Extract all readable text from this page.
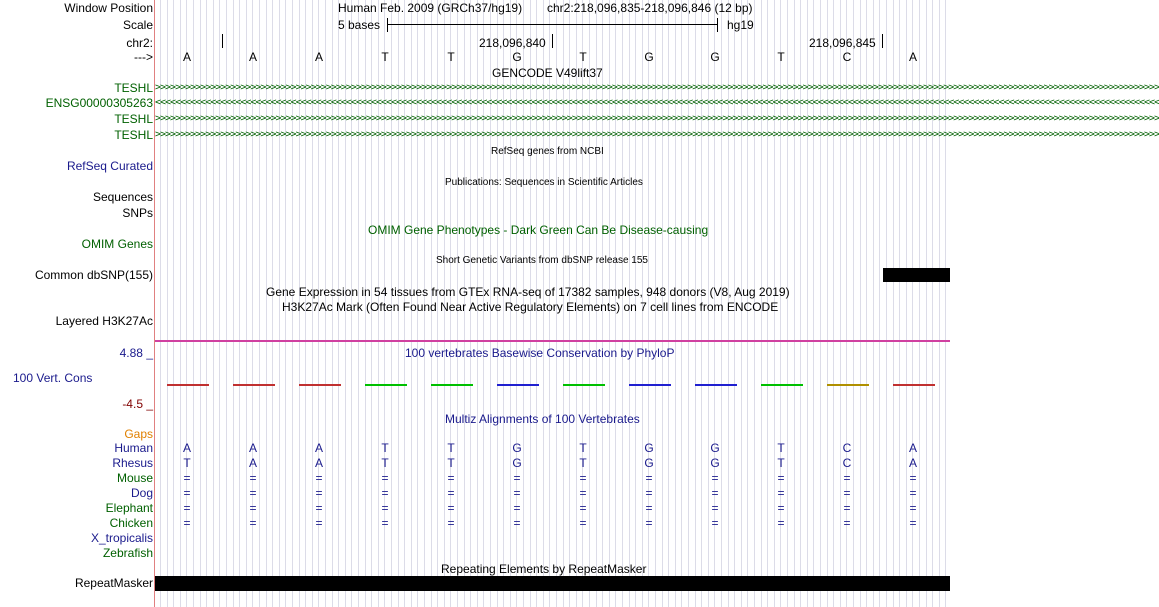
Window Position	Human Feb. 2009 (GRCh37/hg19) chr2:218,096,835-218,096,846 (12 bp)
Scale	5 bases	hg19
chr2:	218,096,840	218,096,845
--->	A	A	A	T	T	G	T	G	G	T	C	A
GENCODE V49lift37
TESHL
ENSG00000305263
TESHL
TESHL
>>>>>>>>>>>>>>>>>>>>>>>>>>>>>>>>>>>>>>>>>>>>>>>>>>>>>>>>>>>>>>>>>>>>>>>>>>>>>>>>>>>>>>>>>>>>>>>>>>>>>>>>>>>>>>>>>>>>>>>>>>>>>>>>>>>>>>>>>>>>>>>>>>>>>>>>>>>>>>>>>>>>>>>>>>>>>>>>>>>>>>>>>>>>>>>>>>>>>>>>
<<<<<<<<<<<<<<<<<<<<<<<<<<<<<<<<<<<<<<<<<<<<<<<<<<<<<<<<<<<<<<<<<<<<<<<<<<<<<<<<<<<<<<<<<<<<<<<<<<<<<<<<<<<<<<<<<<<<<<<<<<<<<<<<<<<<<<<<<<<<<<<<<<<<<<<<<<<<<<<<<<<<<<<<<<<<<<<<<<<<<<<<<<<<<<<<<<<<<<<<
>>>>>>>>>>>>>>>>>>>>>>>>>>>>>>>>>>>>>>>>>>>>>>>>>>>>>>>>>>>>>>>>>>>>>>>>>>>>>>>>>>>>>>>>>>>>>>>>>>>>>>>>>>>>>>>>>>>>>>>>>>>>>>>>>>>>>>>>>>>>>>>>>>>>>>>>>>>>>>>>>>>>>>>>>>>>>>>>>>>>>>>>>>>>>>>>>>>>>>>>
>>>>>>>>>>>>>>>>>>>>>>>>>>>>>>>>>>>>>>>>>>>>>>>>>>>>>>>>>>>>>>>>>>>>>>>>>>>>>>>>>>>>>>>>>>>>>>>>>>>>>>>>>>>>>>>>>>>>>>>>>>>>>>>>>>>>>>>>>>>>>>>>>>>>>>>>>>>>>>>>>>>>>>>>>>>>>>>>>>>>>>>>>>>>>>>>>>>>>>>>
RefSeq genes from NCBI
RefSeq Curated
Publications: Sequences in Scientific Articles
Sequences
SNPs
OMIM Gene Phenotypes - Dark Green Can Be Disease-causing
OMIM Genes
Short Genetic Variants from dbSNP release 155
Common dbSNP(155)
Gene Expression in 54 tissues from GTEx RNA-seq of 17382 samples, 948 donors (V8, Aug 2019)
H3K27Ac Mark (Often Found Near Active Regulatory Elements) on 7 cell lines from ENCODE
Layered H3K27Ac
100 vertebrates Basewise Conservation by PhyloP
4.88 _
100 Vert. Cons
-4.5 _
Multiz Alignments of 100 Vertebrates
Gaps
Human	A	A	A	T	T	G	T	G	G	T	C	A
Rhesus	T	A	A	T	T	G	T	G	G	T	C	A
Mouse	=	=	=	=	=	=	=	=	=	=	=	=
Dog	=	=	=	=	=	=	=	=	=	=	=	=
Elephant	=	=	=	=	=	=	=	=	=	=	=	=
Chicken	=	=	=	=	=	=	=	=	=	=	=	=
X_tropicalis
Zebrafish
Repeating Elements by RepeatMasker
RepeatMasker
